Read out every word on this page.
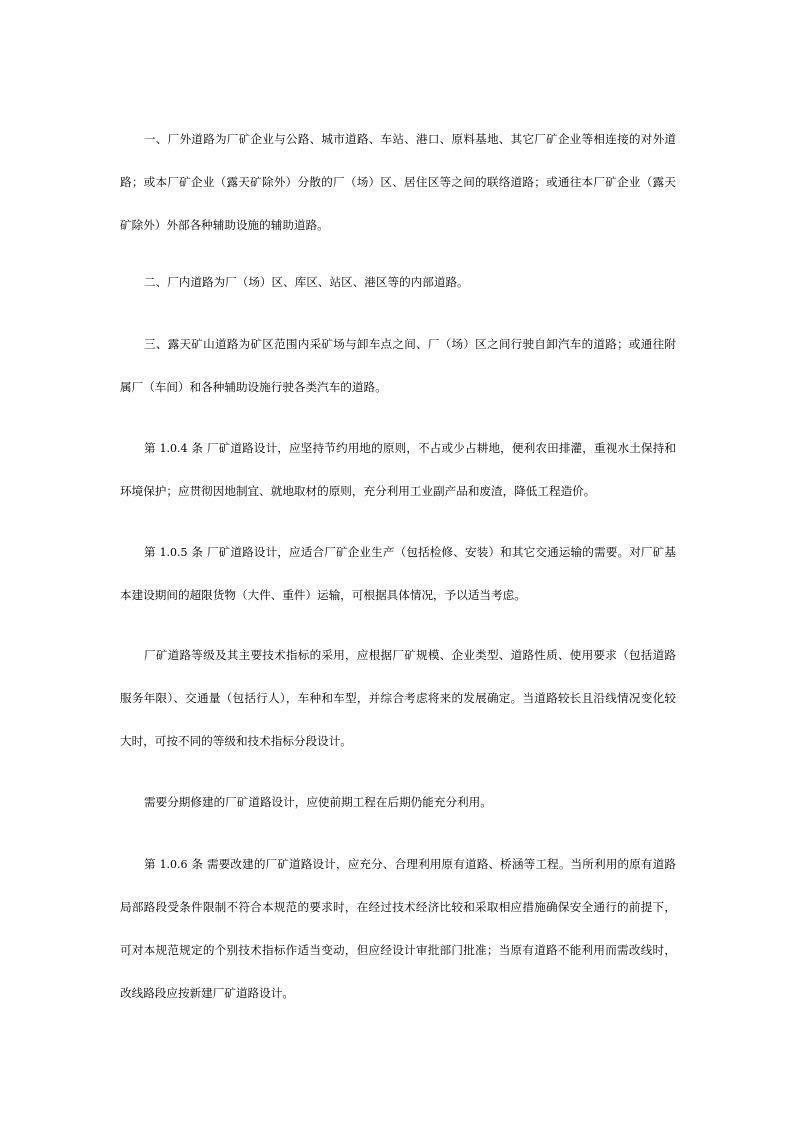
一、厂外道路为厂矿企业与公路、城市道路、车站、港口、原料基地、其它厂矿企业等相连接的对外道路；或本厂矿企业（露天矿除外）分散的厂（场）区、居住区等之间的联络道路；或通往本厂矿企业（露天矿除外）外部各种辅助设施的辅助道路。

二、厂内道路为厂（场）区、库区、站区、港区等的内部道路。

三、露天矿山道路为矿区范围内采矿场与卸车点之间、厂（场）区之间行驶自卸汽车的道路；或通往附属厂（车间）和各种辅助设施行驶各类汽车的道路。

第 1.0.4 条 厂矿道路设计，应坚持节约用地的原则，不占或少占耕地，便利农田排灌，重视水土保持和环境保护；应贯彻因地制宜、就地取材的原则，充分利用工业副产品和废渣，降低工程造价。

第 1.0.5 条 厂矿道路设计，应适合厂矿企业生产（包括检修、安装）和其它交通运输的需要。对厂矿基本建设期间的超限货物（大件、重件）运输，可根据具体情况，予以适当考虑。

厂矿道路等级及其主要技术指标的采用，应根据厂矿规模、企业类型、道路性质、使用要求（包括道路服务年限）、交通量（包括行人），车种和车型，并综合考虑将来的发展确定。当道路较长且沿线情况变化较大时，可按不同的等级和技术指标分段设计。

需要分期修建的厂矿道路设计，应使前期工程在后期仍能充分利用。

第 1.0.6 条 需要改建的厂矿道路设计，应充分、合理利用原有道路、桥涵等工程。当所利用的原有道路局部路段受条件限制不符合本规范的要求时，在经过技术经济比较和采取相应措施确保安全通行的前提下，可对本规范规定的个别技术指标作适当变动，但应经设计审批部门批准；当原有道路不能利用而需改线时，改线路段应按新建厂矿道路设计。
